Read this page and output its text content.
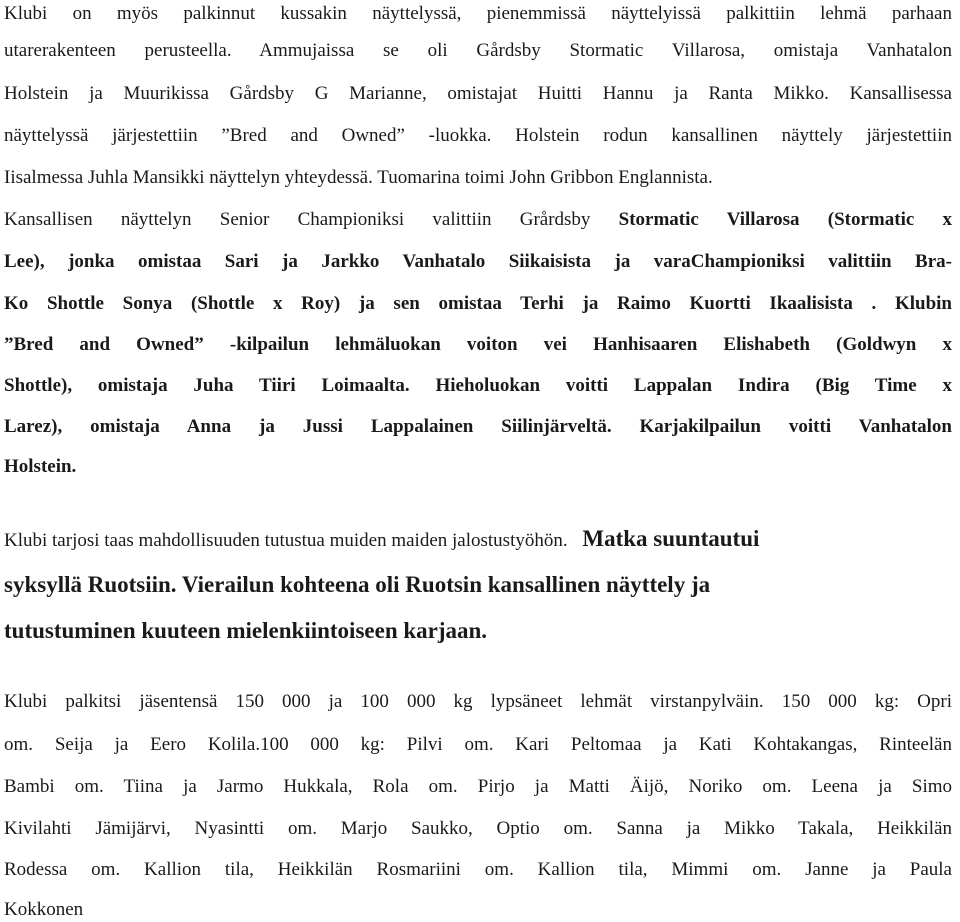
Klubi on myös palkinnut kussakin näyttelyssä, pienemmissä näyttelyissä palkittiin lehmä parhaan
utarerakenteen perusteella. Ammujaissa se oli Gårdsby Stormatic Villarosa, omistaja Vanhatalon
Holstein ja Muurikissa Gårdsby G Marianne, omistajat Huitti Hannu ja Ranta Mikko. Kansallisessa
näyttelyssä järjestettiin ”Bred and Owned” -luokka. Holstein rodun kansallinen näyttely järjestettiin
Iisalmessa Juhla Mansikki näyttelyn yhteydessä. Tuomarina toimi John Gribbon Englannista.
Kansallisen näyttelyn Senior Championiksi valittiin Grårdsby Stormatic Villarosa (Stormatic x
Lee), jonka omistaa Sari ja Jarkko Vanhatalo Siikaisista ja varaChampioniksi valittiin Bra-
Ko Shottle Sonya (Shottle x Roy) ja sen omistaa Terhi ja Raimo Kuortti Ikaalisista . Klubin
”Bred and Owned” -kilpailun lehmäluokan voiton vei Hanhisaaren Elishabeth (Goldwyn x
Shottle), omistaja Juha Tiiri Loimaalta. Hieholuokan voitti Lappalan Indira (Big Time x
Larez), omistaja Anna ja Jussi Lappalainen Siilinjärveltä. Karjakilpailun voitti Vanhatalon
Holstein.
Klubi tarjosi taas mahdollisuuden tutustua muiden maiden jalostustyöhön. Matka suuntautui
syksyllä Ruotsiin. Vierailun kohteena oli Ruotsin kansallinen näyttely ja
tutustuminen kuuteen mielenkiintoiseen karjaan.
Klubi palkitsi jäsentensä 150 000 ja 100 000 kg lypsäneet lehmät virstanpylväin. 150 000 kg: Opri
om. Seija ja Eero Kolila.100 000 kg: Pilvi om. Kari Peltomaa ja Kati Kohtakangas, Rinteelän
Bambi om. Tiina ja Jarmo Hukkala, Rola om. Pirjo ja Matti Äijö, Noriko om. Leena ja Simo
Kivilahti Jämijärvi, Nyasintti om. Marjo Saukko, Optio om. Sanna ja Mikko Takala, Heikkilän
Rodessa om. Kallion tila, Heikkilän Rosmariini om. Kallion tila, Mimmi om. Janne ja Paula
Kokkonen
